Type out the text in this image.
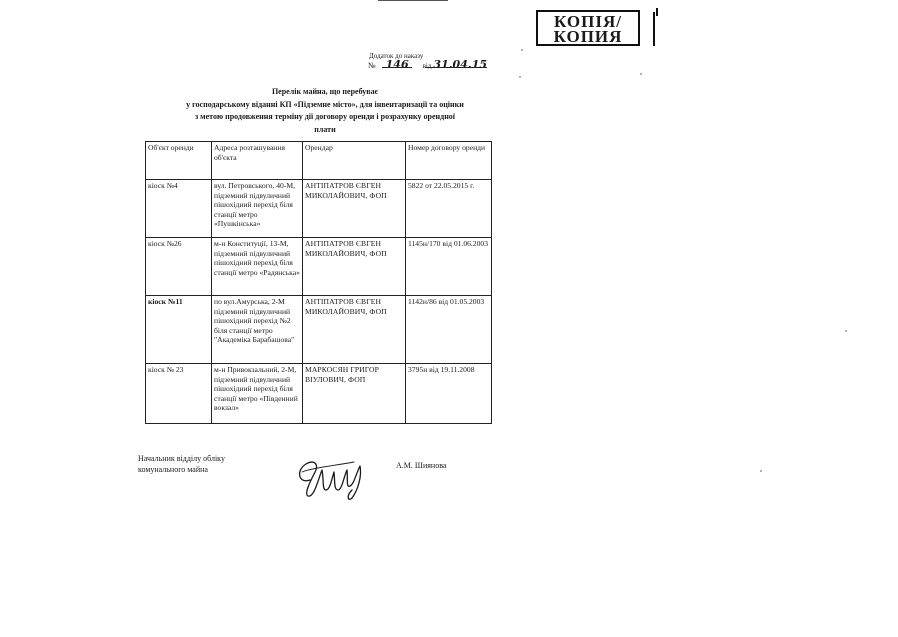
КОПІЯ/
КОПИЯ
Додаток до наказу
№ 146 від 31.04.15
Перелік майна, що перебуває
у господарському віданні КП «Підземне місто», для інвентаризації та оцінки
з метою продовження терміну дії договору оренди і розрахунку орендної
плати
Об'єкт оренди	Адреса розташування об'єкта	Орендар	Номер договору оренди
кіоск №4	вул. Петровського, 40-М, підземний підвуличний пішохідний перехід біля станції метро «Пушкінська»	АНТІПАТРОВ ЄВГЕН МИКОЛАЙОВИЧ, ФОП	5822 от 22.05.2015 г.
кіоск №26	м-н Конституції, 13-М, підземний підвуличний пішохідний перехід біля станції метро «Радянська»	АНТІПАТРОВ ЄВГЕН МИКОЛАЙОВИЧ, ФОП	1145н/170 від 01.06.2003
кіоск №11	по вул.Амурська, 2-М підземний підвуличний пішохідний перехід №2 біля станції метро "Академіка Барабашова"	АНТІПАТРОВ ЄВГЕН МИКОЛАЙОВИЧ, ФОП	1142н/86 від 01.05.2003
кіоск № 23	м-н Привокзальний, 2-М, підземний підвуличний пішохідний перехід біля станції метро «Південний вокзал»	МАРКОСЯН ГРИГОР ВІУЛОВИЧ, ФОП	3795н від 19.11.2008
Начальник відділу обліку
комунального майна	А.М. Шиянова
